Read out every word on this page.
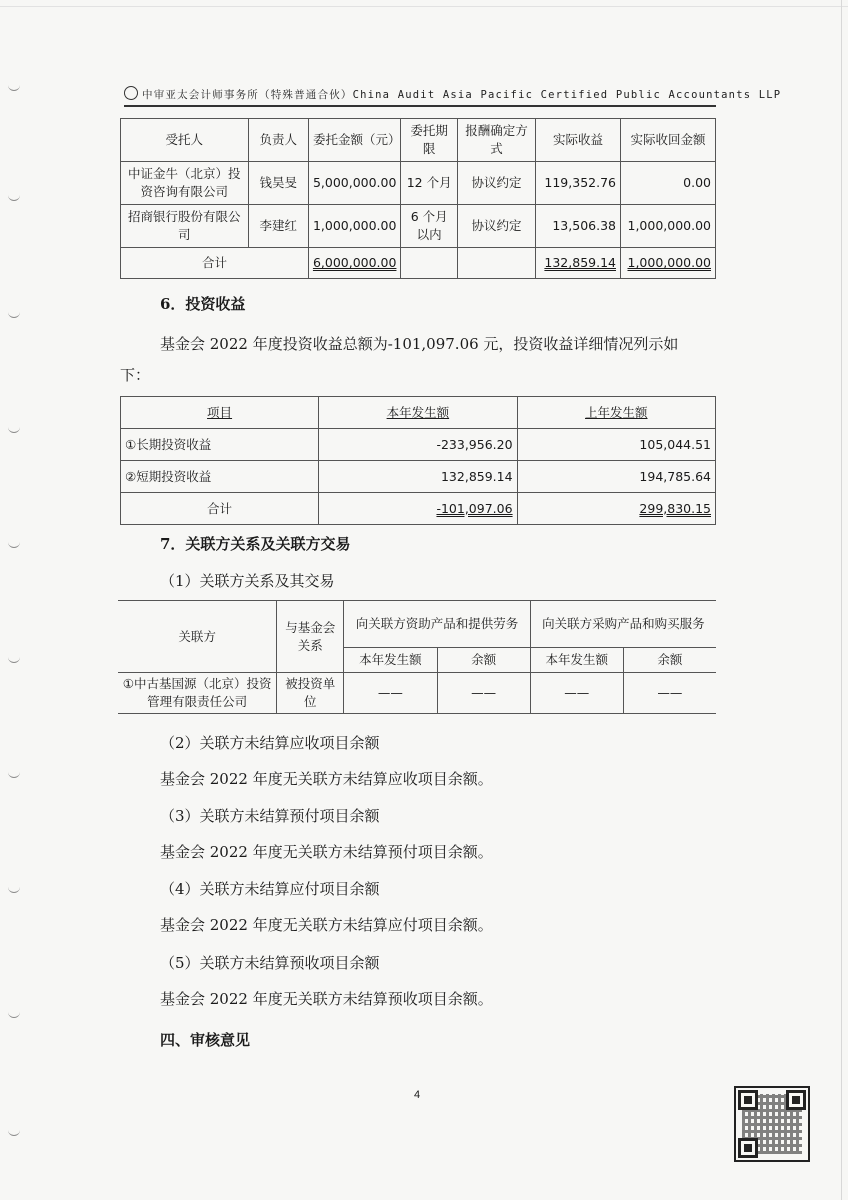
中审亚太会计师事务所（特殊普通合伙）China Audit Asia Pacific Certified Public Accountants LLP
受托人	负责人	委托金额（元）	委托期限	报酬确定方式	实际收益	实际收回金额
中证金牛（北京）投资咨询有限公司	钱昊旻	5,000,000.00	12 个月	协议约定	119,352.76	0.00
招商银行股份有限公司	李建红	1,000,000.00	6 个月以内	协议约定	13,506.38	1,000,000.00
合计		6,000,000.00			132,859.14	1,000,000.00
6．投资收益
基金会 2022 年度投资收益总额为-101,097.06 元，投资收益详细情况列示如
下：
项目	本年发生额	上年发生额
①长期投资收益	-233,956.20	105,044.51
②短期投资收益	132,859.14	194,785.64
合计	-101,097.06	299,830.15
7．关联方关系及关联方交易
（1）关联方关系及其交易
关联方	与基金会关系	向关联方资助产品和提供劳务		向关联方采购产品和购买服务	
		本年发生额	余额	本年发生额	余额
①中古基国源（北京）投资管理有限责任公司	被投资单位	——	——	——	——
（2）关联方未结算应收项目余额
基金会 2022 年度无关联方未结算应收项目余额。
（3）关联方未结算预付项目余额
基金会 2022 年度无关联方未结算预付项目余额。
（4）关联方未结算应付项目余额
基金会 2022 年度无关联方未结算应付项目余额。
（5）关联方未结算预收项目余额
基金会 2022 年度无关联方未结算预收项目余额。
四、审核意见
4
